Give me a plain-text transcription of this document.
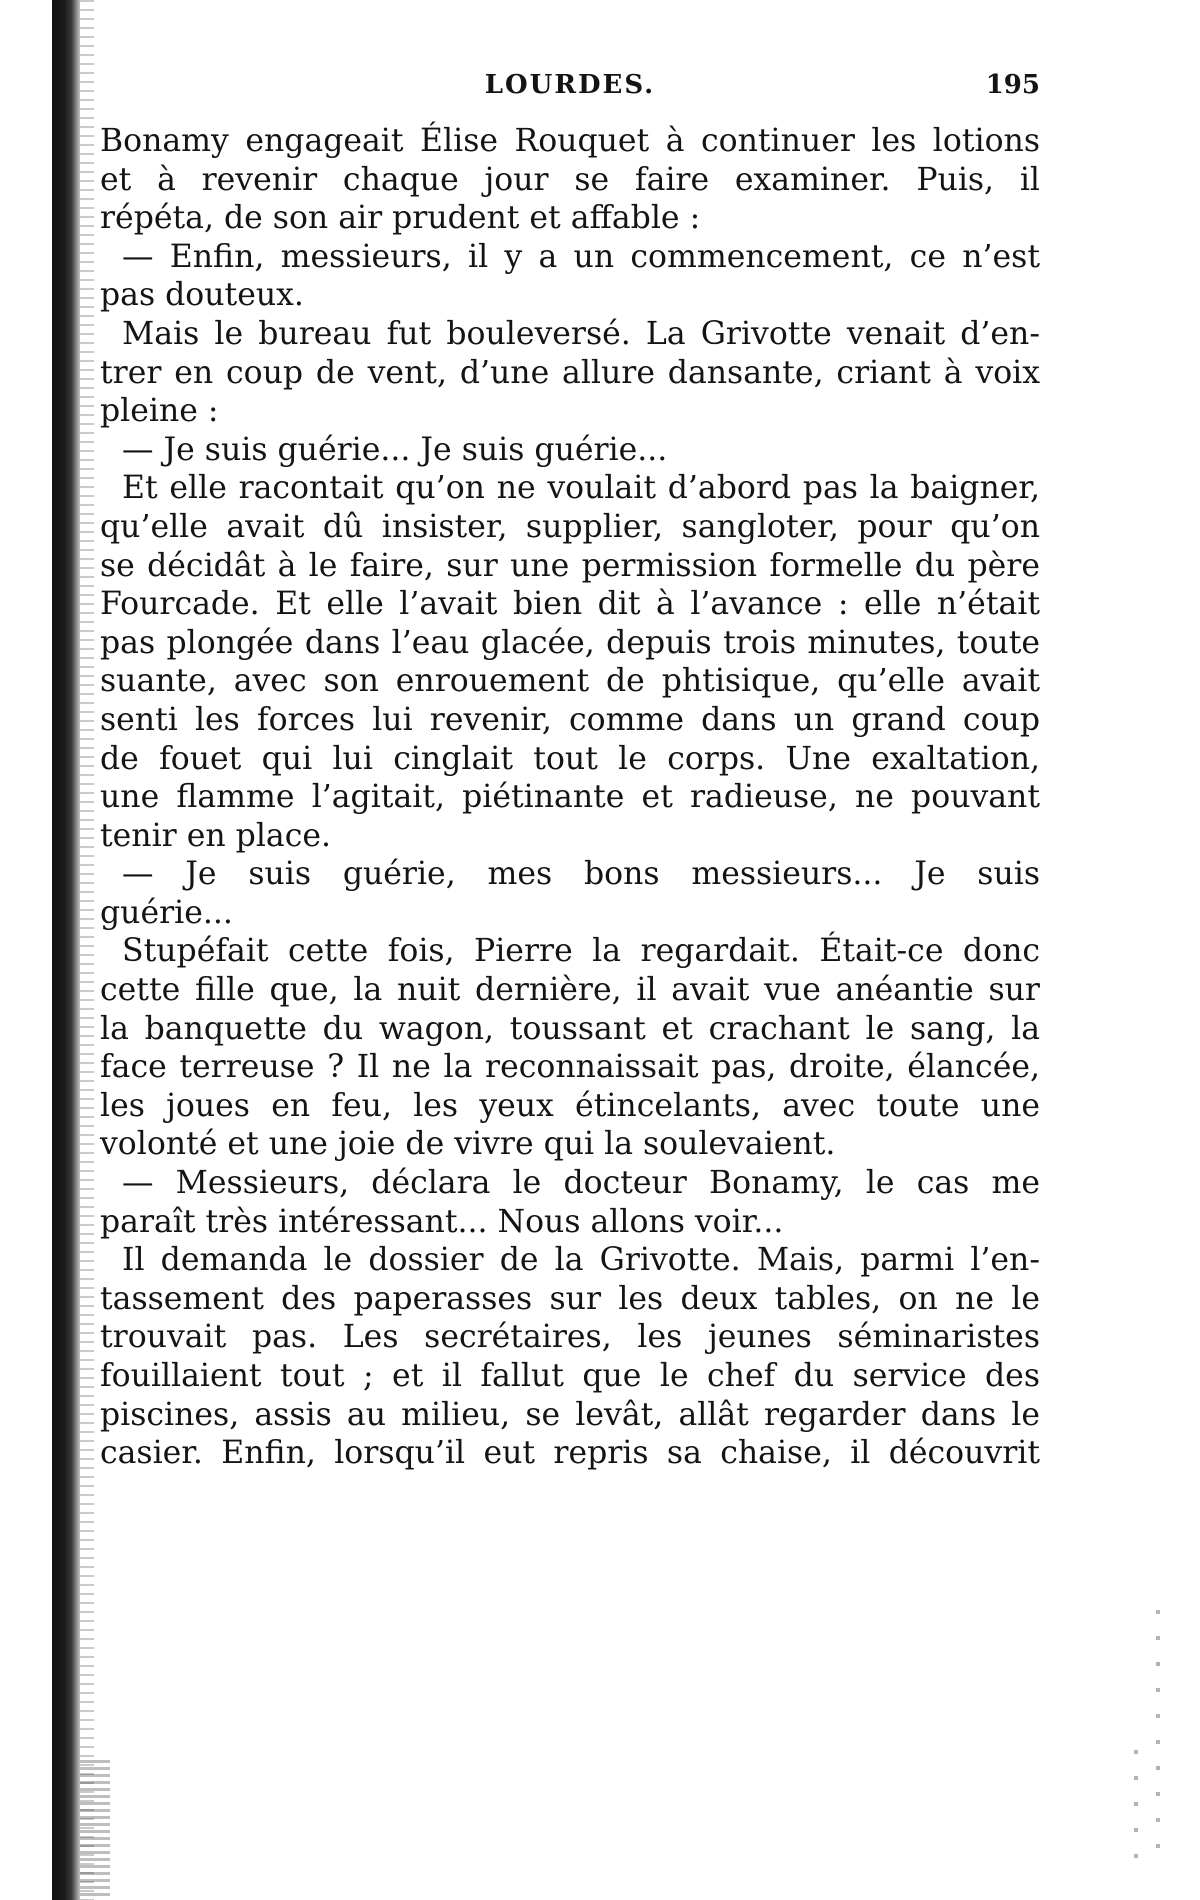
LOURDES.	195
Bonamy engageait Élise Rouquet à continuer les lotions
et à revenir chaque jour se faire examiner. Puis, il
répéta, de son air prudent et affable :
— Enfin, messieurs, il y a un commencement, ce n’est
pas douteux.
Mais le bureau fut bouleversé. La Grivotte venait d’en-
trer en coup de vent, d’une allure dansante, criant à voix
pleine :
— Je suis guérie... Je suis guérie...
Et elle racontait qu’on ne voulait d’abord pas la baigner,
qu’elle avait dû insister, supplier, sangloter, pour qu’on
se décidât à le faire, sur une permission formelle du père
Fourcade. Et elle l’avait bien dit à l’avance : elle n’était
pas plongée dans l’eau glacée, depuis trois minutes, toute
suante, avec son enrouement de phtisique, qu’elle avait
senti les forces lui revenir, comme dans un grand coup
de fouet qui lui cinglait tout le corps. Une exaltation,
une flamme l’agitait, piétinante et radieuse, ne pouvant
tenir en place.
— Je suis guérie, mes bons messieurs... Je suis
guérie...
Stupéfait cette fois, Pierre la regardait. Était-ce donc
cette fille que, la nuit dernière, il avait vue anéantie sur
la banquette du wagon, toussant et crachant le sang, la
face terreuse ? Il ne la reconnaissait pas, droite, élancée,
les joues en feu, les yeux étincelants, avec toute une
volonté et une joie de vivre qui la soulevaient.
— Messieurs, déclara le docteur Bonamy, le cas me
paraît très intéressant... Nous allons voir...
Il demanda le dossier de la Grivotte. Mais, parmi l’en-
tassement des paperasses sur les deux tables, on ne le
trouvait pas. Les secrétaires, les jeunes séminaristes
fouillaient tout ; et il fallut que le chef du service des
piscines, assis au milieu, se levât, allât regarder dans le
casier. Enfin, lorsqu’il eut repris sa chaise, il découvrit
